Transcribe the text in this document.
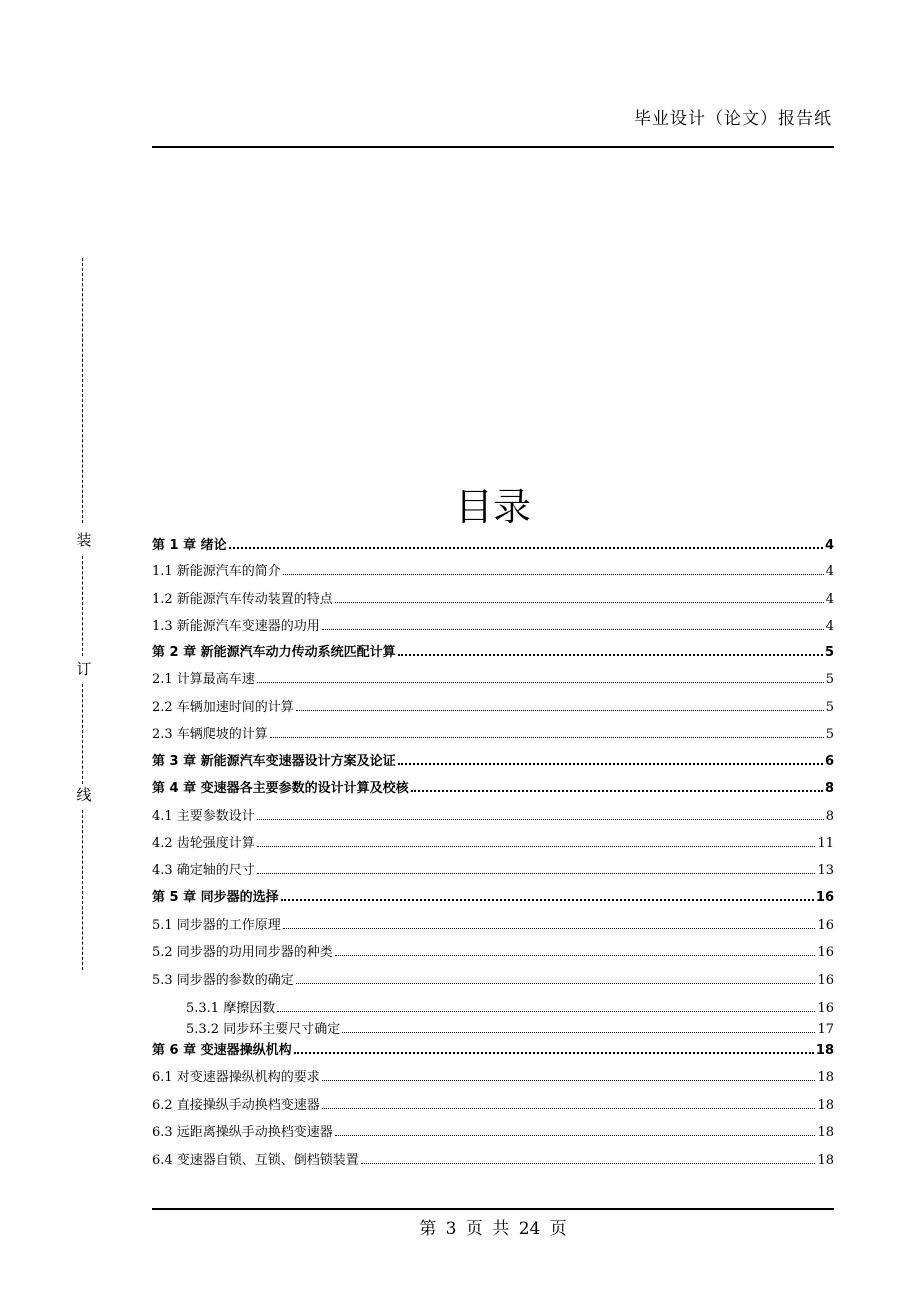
毕业设计（论文）报告纸
装
订
线
目录
第 1 章 绪论	4
1.1 新能源汽车的简介	4
1.2 新能源汽车传动装置的特点	4
1.3 新能源汽车变速器的功用	4
第 2 章 新能源汽车动力传动系统匹配计算	5
2.1 计算最高车速	5
2.2 车辆加速时间的计算	5
2.3 车辆爬坡的计算	5
第 3 章 新能源汽车变速器设计方案及论证	6
第 4 章 变速器各主要参数的设计计算及校核	8
4.1 主要参数设计	8
4.2 齿轮强度计算	11
4.3 确定轴的尺寸	13
第 5 章 同步器的选择	16
5.1 同步器的工作原理	16
5.2 同步器的功用同步器的种类	16
5.3 同步器的参数的确定	16
5.3.1 摩擦因数	16
5.3.2 同步环主要尺寸确定	17
第 6 章 变速器操纵机构	18
6.1 对变速器操纵机构的要求	18
6.2 直接操纵手动换档变速器	18
6.3 远距离操纵手动换档变速器	18
6.4 变速器自锁、互锁、倒档锁装置	18
第 3 页 共 24 页
